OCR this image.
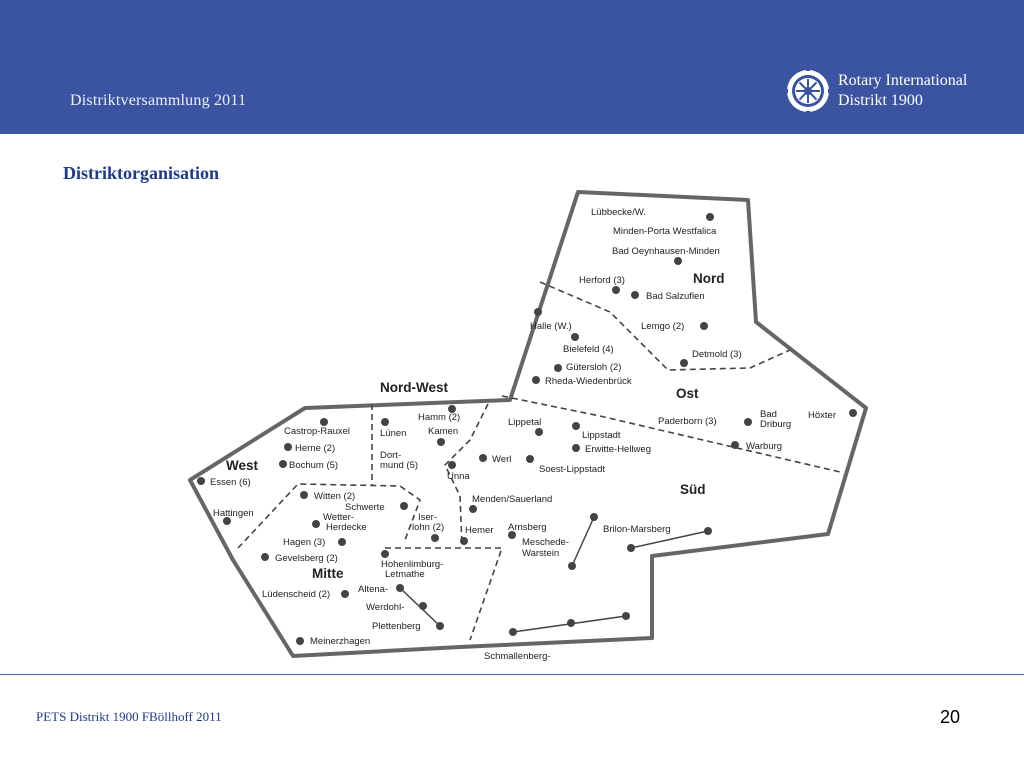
Distriktversammlung 2011
Rotary International
Distrikt 1900
Distriktorganisation
Nord
Nord-West	Ost
West
Süd
Mitte
Lübbecke/W.
Minden-Porta Westfalica
Bad Oeynhausen-Minden
Herford (3)
Bad Salzuflen
Halle (W.)	Lemgo (2)
Bielefeld (4)	Detmold (3)
Gütersloh (2)
Rheda-Wiedenbrück
Hamm (2)
Castrop-Rauxel	Lünen Kamen
Lippetal	Paderborn (3)
Bad
Driburg
Höxter
Lippstadt
Herne (2)	Erwitte-Hellweg	Warburg
Dort-
mund (5)
Bochum (5)
Werl
Soest-Lippstadt
Unna
Essen (6)
Witten (2)	Menden/Sauerland
Schwerte
Hattingen	Wetter-
Herdecke
Iser-
lohn (2) Hemer Arnsberg	Brilon-Marsberg
Meschede-
Warstein
Hagen (3)
Gevelsberg (2)
Hohenlimburg-
Letmathe
Altena-
Lüdenscheid (2)
Werdohl-
Plettenberg
Meinerzhagen
Schmallenberg-
PETS Distrikt 1900 FBöllhoff 2011	20
